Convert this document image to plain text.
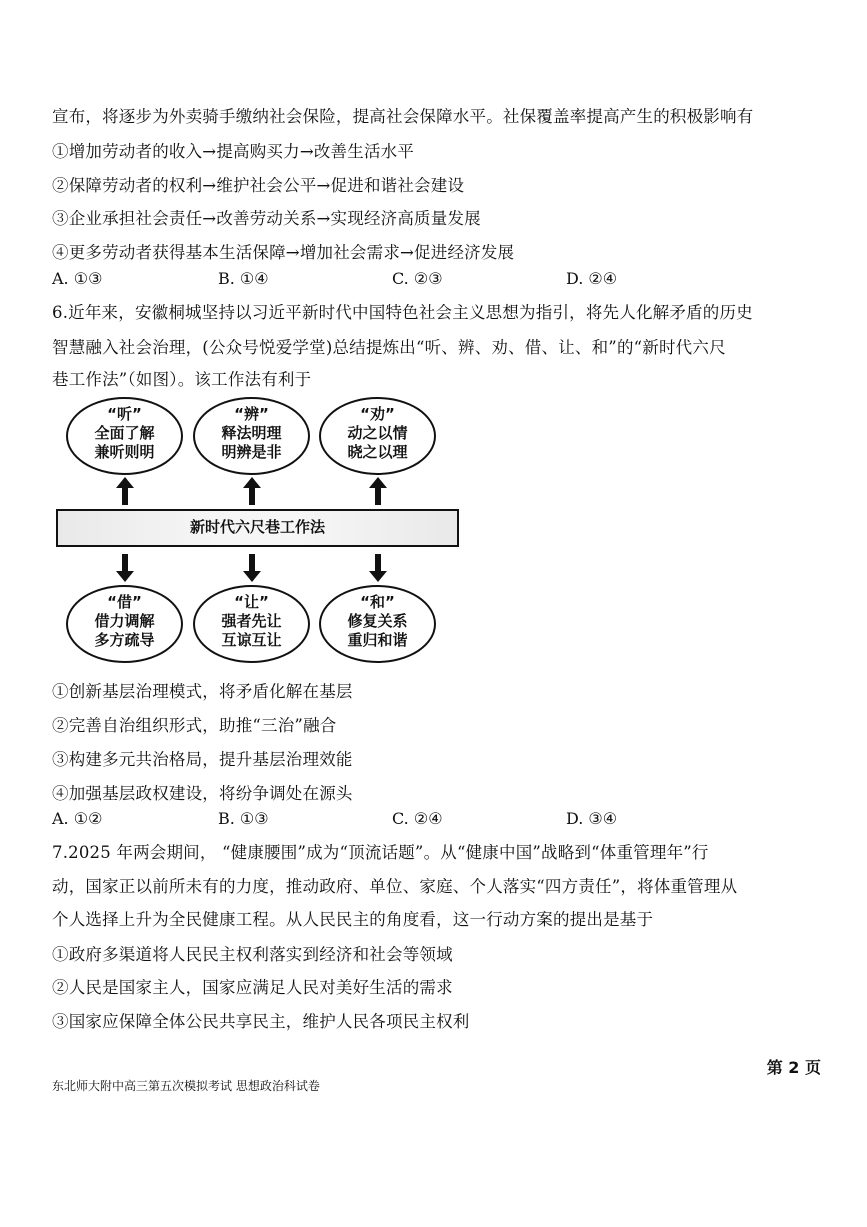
宣布，将逐步为外卖骑手缴纳社会保险，提高社会保障水平。社保覆盖率提高产生的积极影响有
①增加劳动者的收入→提高购买力→改善生活水平
②保障劳动者的权利→维护社会公平→促进和谐社会建设
③企业承担社会责任→改善劳动关系→实现经济高质量发展
④更多劳动者获得基本生活保障→增加社会需求→促进经济发展
A. ①③	B. ①④	C. ②③	D. ②④
6.近年来，安徽桐城坚持以习近平新时代中国特色社会主义思想为指引，将先人化解矛盾的历史
智慧融入社会治理，(公众号悦爱学堂)总结提炼出“听、辨、劝、借、让、和”的“新时代六尺
巷工作法”（如图）。该工作法有利于
“听”
全面了解
兼听则明
“辨”
释法明理
明辨是非
“劝”
动之以情
晓之以理
新时代六尺巷工作法
“借”
借力调解
多方疏导
“让”
强者先让
互谅互让
“和”
修复关系
重归和谐
①创新基层治理模式，将矛盾化解在基层
②完善自治组织形式，助推“三治”融合
③构建多元共治格局，提升基层治理效能
④加强基层政权建设，将纷争调处在源头
A. ①②	B. ①③	C. ②④	D. ③④
7.2025 年两会期间， “健康腰围”成为“顶流话题”。从“健康中国”战略到“体重管理年”行
动，国家正以前所未有的力度，推动政府、单位、家庭、个人落实“四方责任”，将体重管理从
个人选择上升为全民健康工程。从人民民主的角度看，这一行动方案的提出是基于
①政府多渠道将人民民主权利落实到经济和社会等领域
②人民是国家主人，国家应满足人民对美好生活的需求
③国家应保障全体公民共享民主，维护人民各项民主权利
第 2 页
东北师大附中高三第五次模拟考试 思想政治科试卷
